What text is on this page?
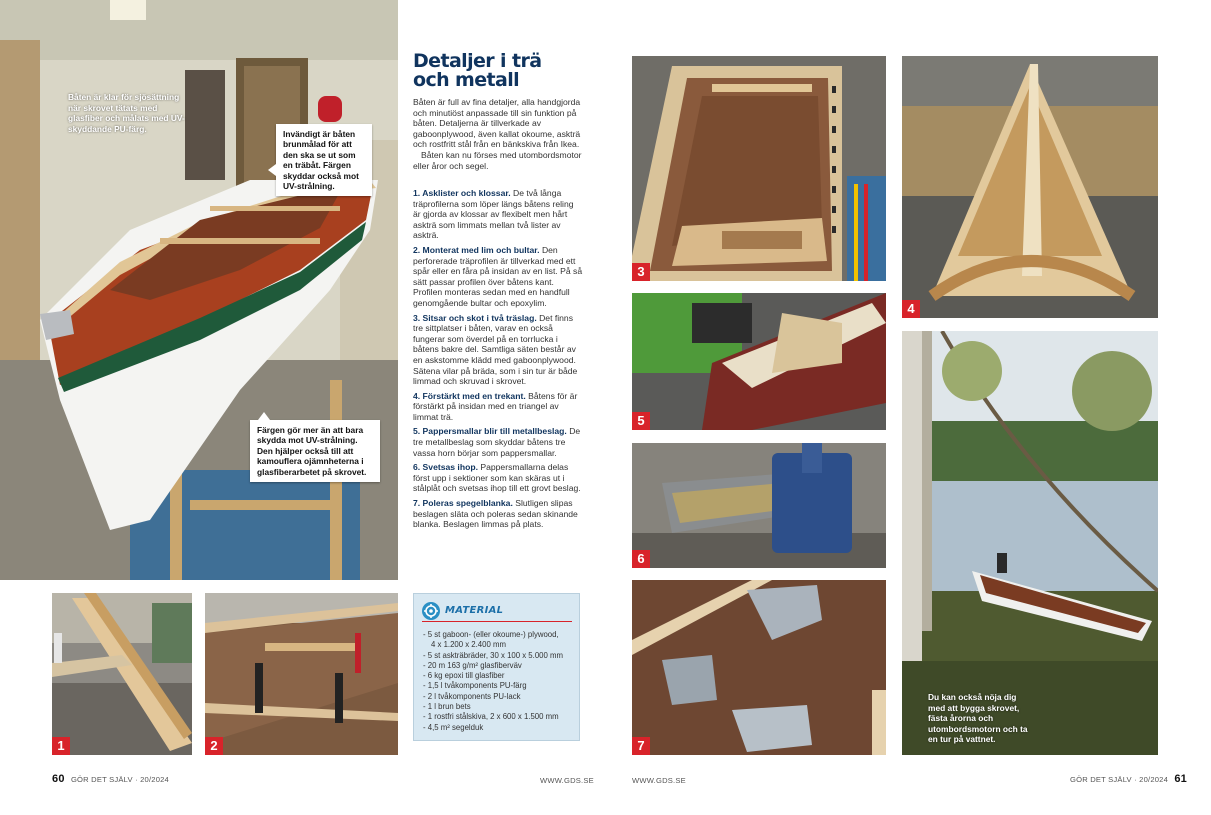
Båten är klar för sjösättning när skrovet tätats med glasfiber och målats med UV-skyddande PU-färg.
Invändigt är båten brunmålad för att den ska se ut som en träbåt. Färgen skyddar också mot UV-strålning.
Färgen gör mer än att bara skydda mot UV-strålning. Den hjälper också till att kamouflera ojämnheterna i glasfiberarbetet på skrovet.
1	2
Detaljer i trä
och metall

Båten är full av fina detaljer, alla handgjorda och minutiöst anpassade till sin funktion på båten. Detaljerna är tillverkade av gaboonplywood, även kallat okoume, askträ och rostfritt stål från en bänkskiva från Ikea.

Båten kan nu förses med utombordsmotor eller åror och segel.

1. Asklister och klossar. De två långa träprofilerna som löper längs båtens reling är gjorda av klossar av flexibelt men hårt askträ som limmats mellan två lister av askträ.

2. Monterat med lim och bultar. Den perforerade träprofilen är tillverkad med ett spår eller en fåra på insidan av en list. På så sätt passar profilen över båtens kant. Profilen monteras sedan med en handfull genomgående bultar och epoxylim.

3. Sitsar och skot i två träslag. Det finns tre sittplatser i båten, varav en också fungerar som överdel på en torrlucka i båtens bakre del. Samtliga säten består av en askstomme klädd med gaboonplywood. Sätena vilar på bräda, som i sin tur är både limmad och skruvad i skrovet.

4. Förstärkt med en trekant. Båtens för är förstärkt på insidan med en triangel av limmat trä.

5. Pappersmallar blir till metallbeslag. De tre metallbeslag som skyddar båtens tre vassa horn börjar som pappersmallar.

6. Svetsas ihop. Pappersmallarna delas först upp i sektioner som kan skäras ut i stålplåt och svetsas ihop till ett grovt beslag.

7. Poleras spegelblanka. Slutligen slipas beslagen släta och poleras sedan skinande blanka. Beslagen limmas på plats.

MATERIAL
- 5 st gaboon- (eller okoume-) plywood,
4 x 1.200 x 2.400 mm
- 5 st askträbräder, 30 x 100 x 5.000 mm
- 20 m 163 g/m² glasfiberväv
- 6 kg epoxi till glasfiber
- 1,5 l tvåkomponents PU-färg
- 2 l tvåkomponents PU-lack
- 1 l brun bets
- 1 rostfri stålskiva, 2 x 600 x 1.500 mm
- 4,5 m² segelduk
60 GÖR DET SJÄLV · 20/2024	WWW.GDS.SE
3
4
5
6
7
Du kan också nöja dig med att bygga skrovet, fästa årorna och utombordsmotorn och ta en tur på vattnet.
WWW.GDS.SE	GÖR DET SJÄLV · 20/2024 61
